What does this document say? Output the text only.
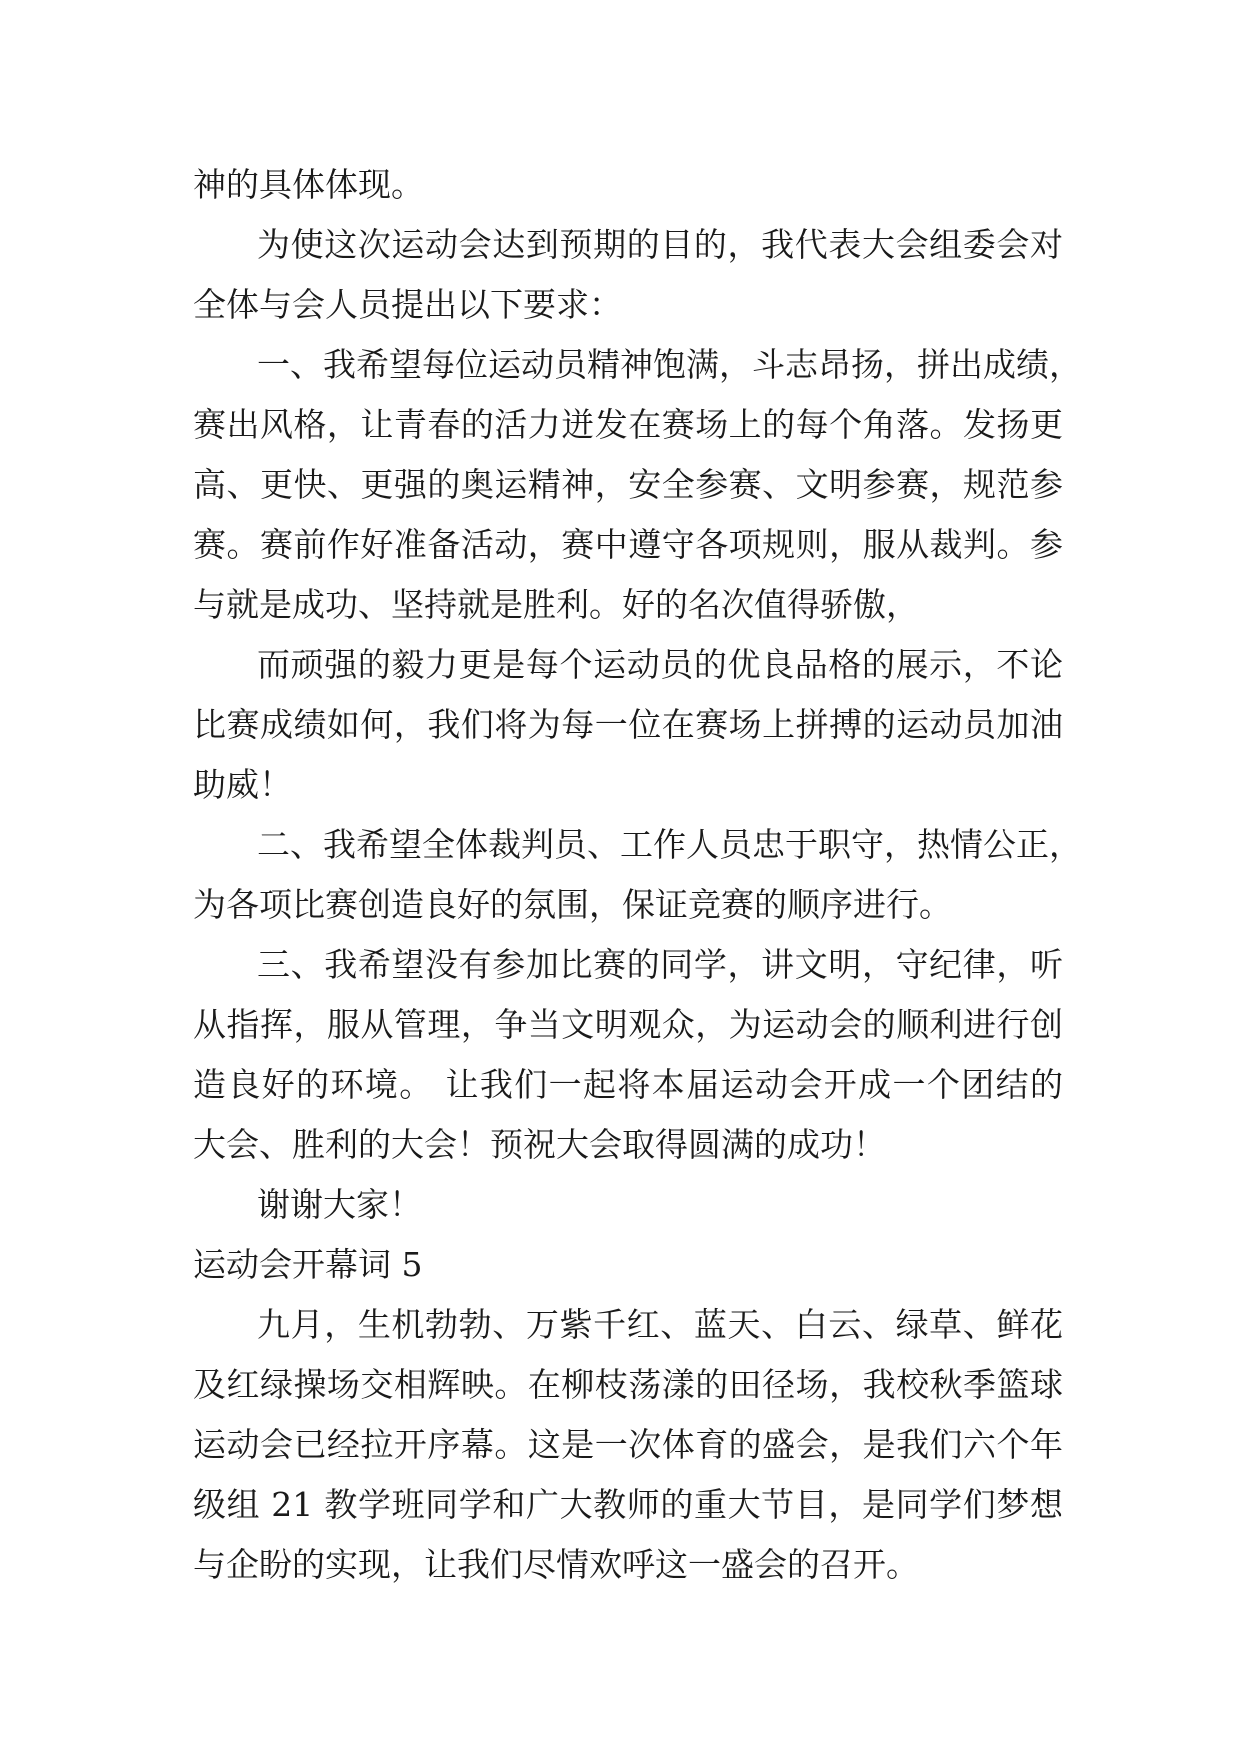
神的具体体现。
为使这次运动会达到预期的目的，我代表大会组委会对
全体与会人员提出以下要求：
一、我希望每位运动员精神饱满，斗志昂扬，拼出成绩，
赛出风格，让青春的活力迸发在赛场上的每个角落。发扬更
高、更快、更强的奥运精神，安全参赛、文明参赛，规范参
赛。赛前作好准备活动，赛中遵守各项规则，服从裁判。参
与就是成功、坚持就是胜利。好的名次值得骄傲，
而顽强的毅力更是每个运动员的优良品格的展示，不论
比赛成绩如何，我们将为每一位在赛场上拼搏的运动员加油
助威！
二、我希望全体裁判员、工作人员忠于职守，热情公正，
为各项比赛创造良好的氛围，保证竞赛的顺序进行。
三、我希望没有参加比赛的同学，讲文明，守纪律，听
从指挥，服从管理，争当文明观众，为运动会的顺利进行创
造良好的环境。 让我们一起将本届运动会开成一个团结的
大会、胜利的大会！预祝大会取得圆满的成功！
谢谢大家！
运动会开幕词 5
九月，生机勃勃、万紫千红、蓝天、白云、绿草、鲜花
及红绿操场交相辉映。在柳枝荡漾的田径场，我校秋季篮球
运动会已经拉开序幕。这是一次体育的盛会，是我们六个年
级组 21 教学班同学和广大教师的重大节目，是同学们梦想
与企盼的实现，让我们尽情欢呼这一盛会的召开。
